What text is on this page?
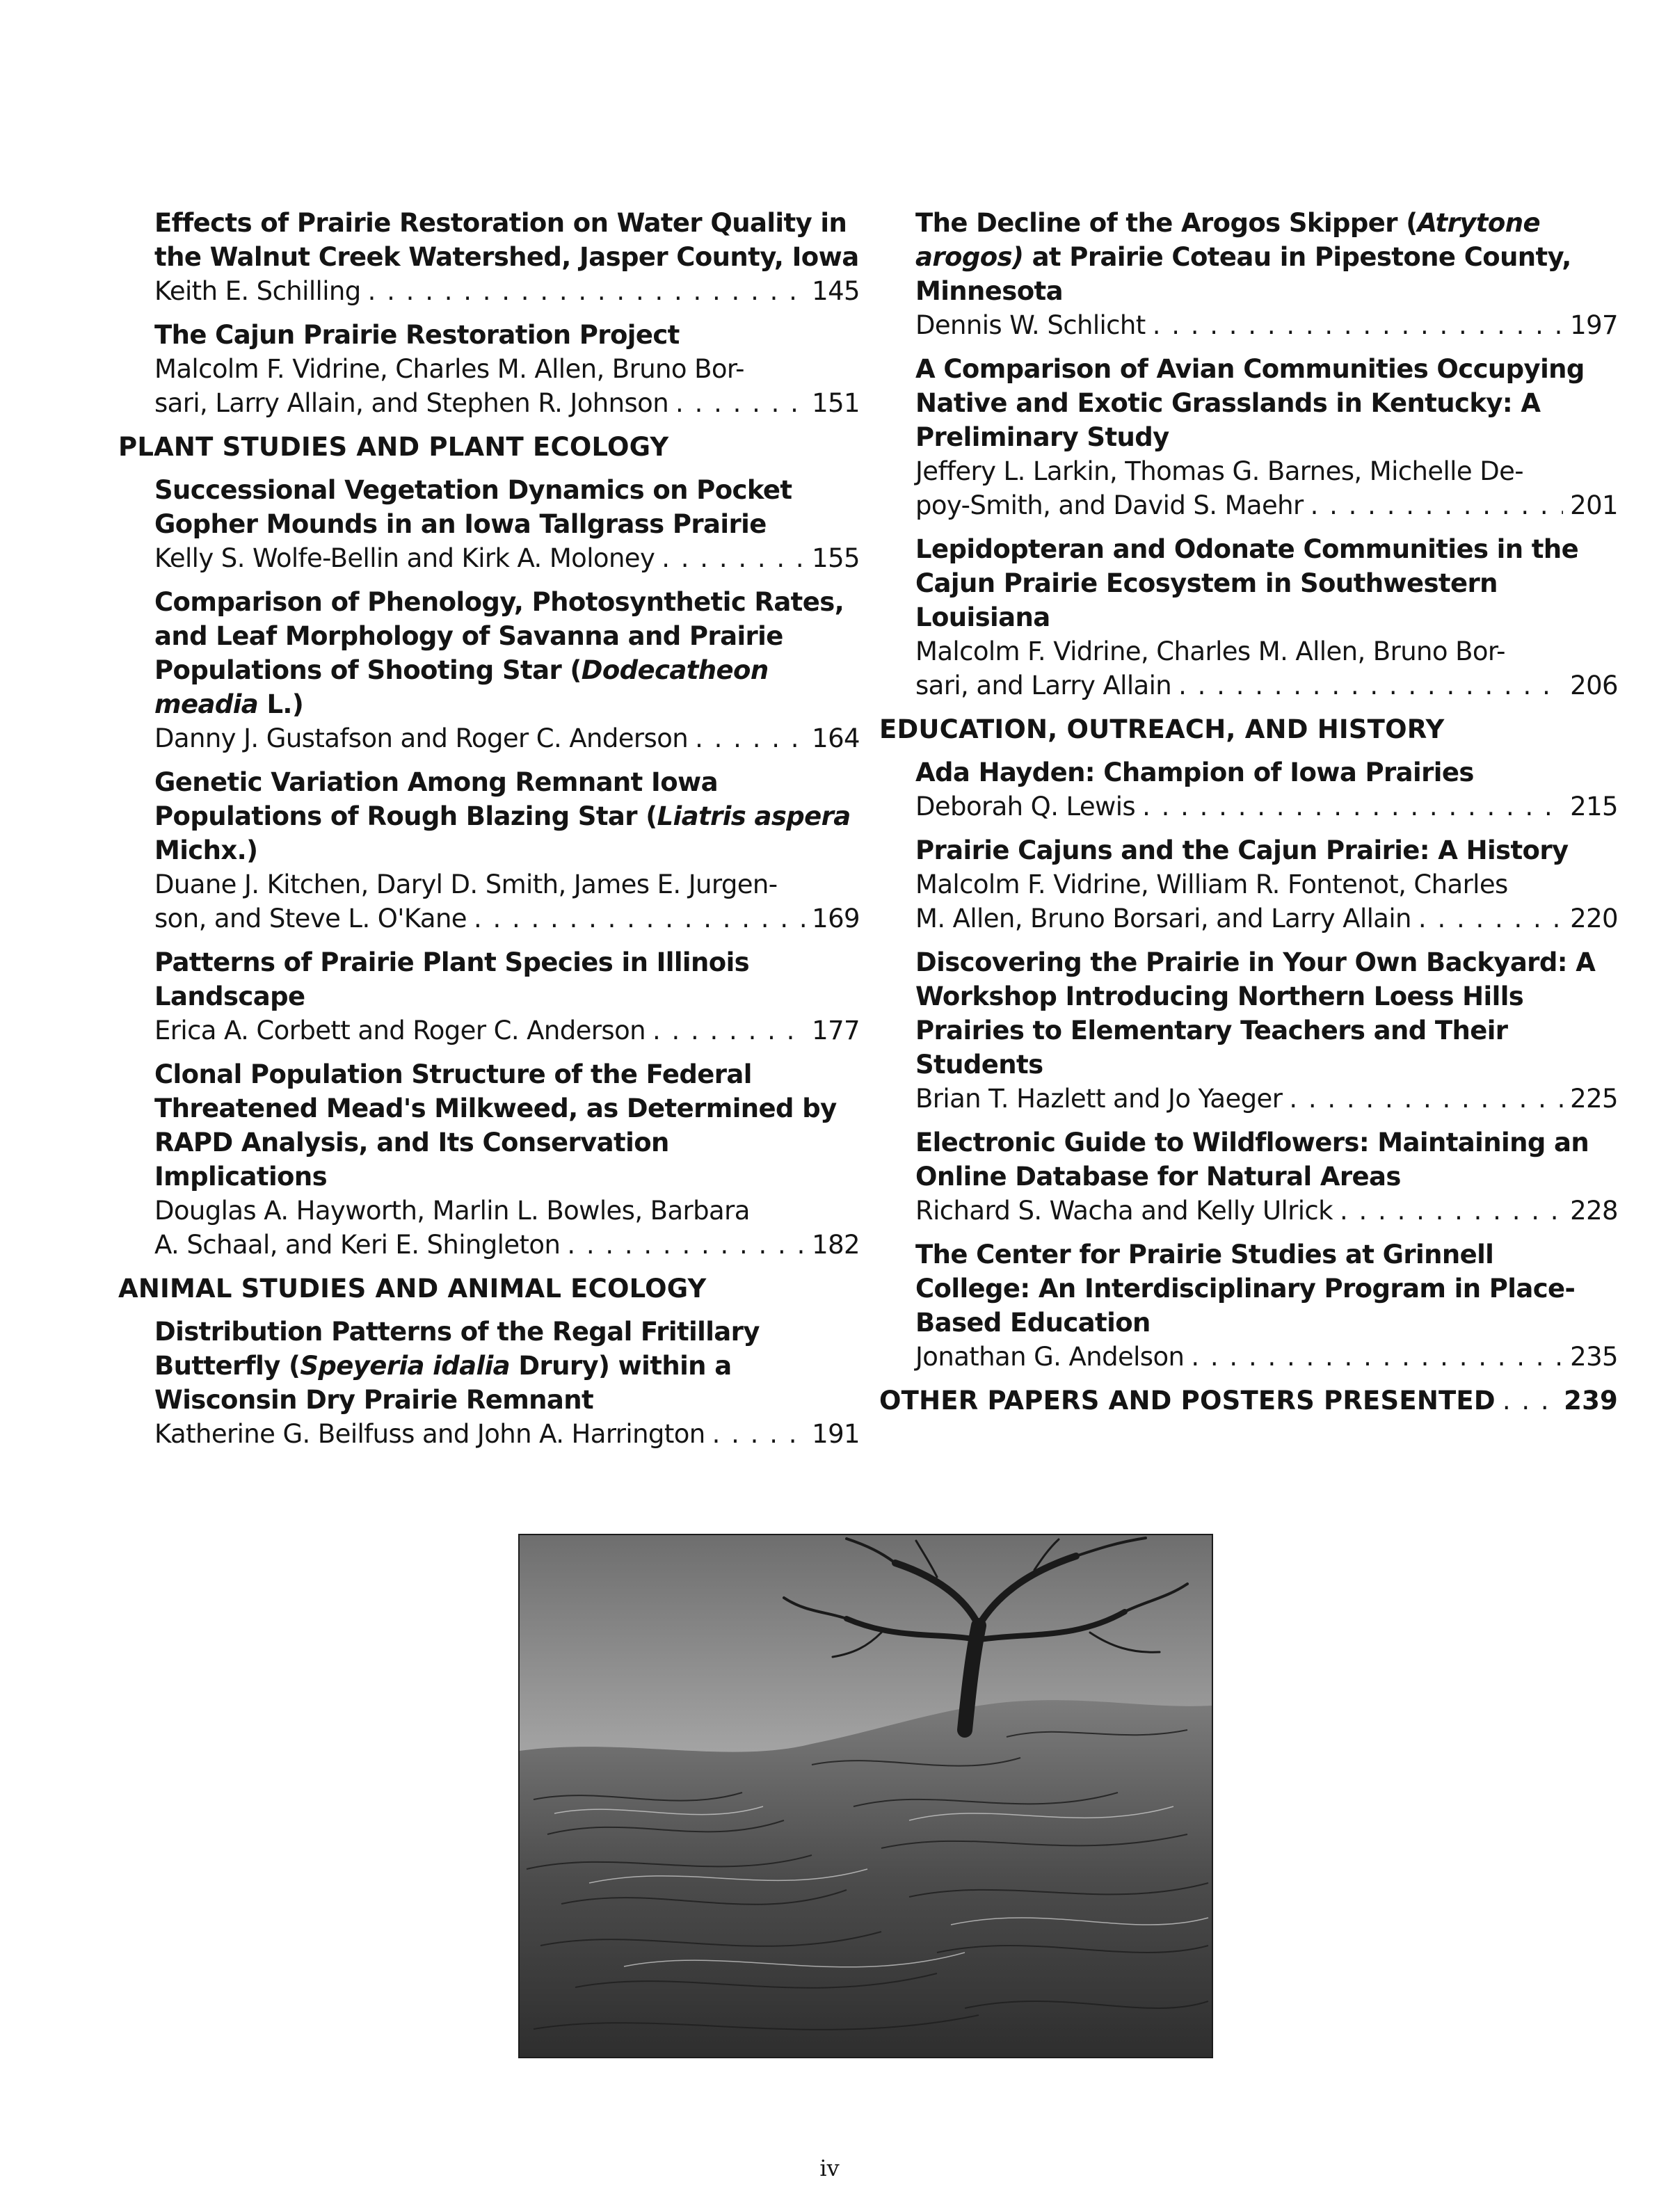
Effects of Prairie Restoration on Water Quality in
the Walnut Creek Watershed, Jasper County, Iowa
Keith E. Schilling . . .	145
The Cajun Prairie Restoration Project
Malcolm F. Vidrine, Charles M. Allen, Bruno Bor-
sari, Larry Allain, and Stephen R. Johnson . . .	151
PLANT STUDIES AND PLANT ECOLOGY
Successional Vegetation Dynamics on Pocket
Gopher Mounds in an Iowa Tallgrass Prairie
Kelly S. Wolfe-Bellin and Kirk A. Moloney . . .	155
Comparison of Phenology, Photosynthetic Rates,
and Leaf Morphology of Savanna and Prairie
Populations of Shooting Star (Dodecatheon
meadia L.)
Danny J. Gustafson and Roger C. Anderson . . .	164
Genetic Variation Among Remnant Iowa
Populations of Rough Blazing Star (Liatris aspera
Michx.)
Duane J. Kitchen, Daryl D. Smith, James E. Jurgen-
son, and Steve L. O'Kane . . .	169
Patterns of Prairie Plant Species in Illinois
Landscape
Erica A. Corbett and Roger C. Anderson . . .	177
Clonal Population Structure of the Federal
Threatened Mead's Milkweed, as Determined by
RAPD Analysis, and Its Conservation
Implications
Douglas A. Hayworth, Marlin L. Bowles, Barbara
A. Schaal, and Keri E. Shingleton . . .	182
ANIMAL STUDIES AND ANIMAL ECOLOGY
Distribution Patterns of the Regal Fritillary
Butterfly (Speyeria idalia Drury) within a
Wisconsin Dry Prairie Remnant
Katherine G. Beilfuss and John A. Harrington . . .	191
The Decline of the Arogos Skipper (Atrytone
arogos) at Prairie Coteau in Pipestone County,
Minnesota
Dennis W. Schlicht . . .	197
A Comparison of Avian Communities Occupying
Native and Exotic Grasslands in Kentucky: A
Preliminary Study
Jeffery L. Larkin, Thomas G. Barnes, Michelle De-
poy-Smith, and David S. Maehr . . .	201
Lepidopteran and Odonate Communities in the
Cajun Prairie Ecosystem in Southwestern
Louisiana
Malcolm F. Vidrine, Charles M. Allen, Bruno Bor-
sari, and Larry Allain . . .	206
EDUCATION, OUTREACH, AND HISTORY
Ada Hayden: Champion of Iowa Prairies
Deborah Q. Lewis . . .	215
Prairie Cajuns and the Cajun Prairie: A History
Malcolm F. Vidrine, William R. Fontenot, Charles
M. Allen, Bruno Borsari, and Larry Allain . . .	220
Discovering the Prairie in Your Own Backyard: A
Workshop Introducing Northern Loess Hills
Prairies to Elementary Teachers and Their Students
Brian T. Hazlett and Jo Yaeger . . .	225
Electronic Guide to Wildflowers: Maintaining an
Online Database for Natural Areas
Richard S. Wacha and Kelly Ulrick . . .	228
The Center for Prairie Studies at Grinnell
College: An Interdisciplinary Program in Place-
Based Education
Jonathan G. Andelson . . .	235
OTHER PAPERS AND POSTERS PRESENTED . . .	239
iv
